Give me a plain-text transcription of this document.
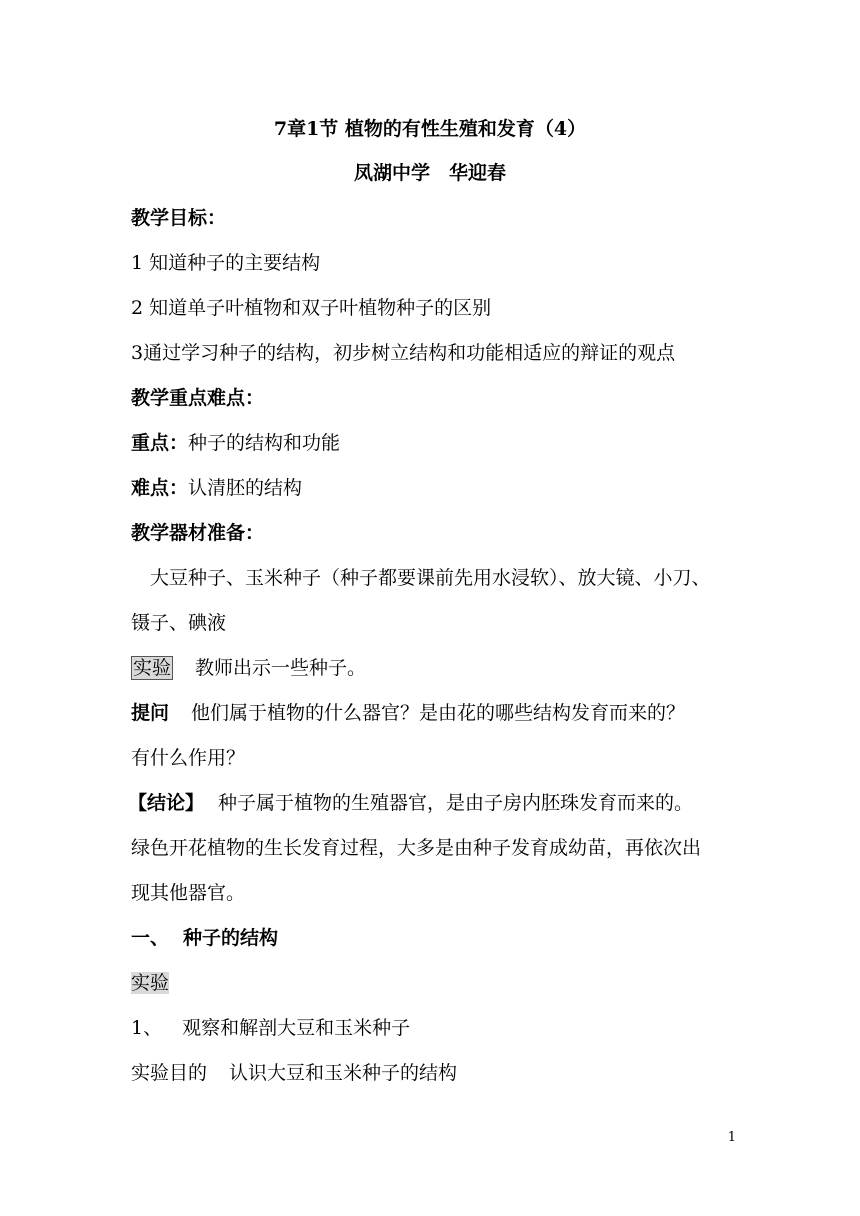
7章1节 植物的有性生殖和发育（4）
凤湖中学　华迎春
教学目标：
1 知道种子的主要结构
2 知道单子叶植物和双子叶植物种子的区别
3通过学习种子的结构，初步树立结构和功能相适应的辩证的观点
教学重点难点：
重点：种子的结构和功能
难点：认清胚的结构
教学器材准备：
大豆种子、玉米种子（种子都要课前先用水浸软）、放大镜、小刀、
镊子、碘液
实验 教师出示一些种子。
提问 他们属于植物的什么器官？是由花的哪些结构发育而来的？
有什么作用？
【结论】 种子属于植物的生殖器官，是由子房内胚珠发育而来的。
绿色开花植物的生长发育过程，大多是由种子发育成幼苗，再依次出
现其他器官。
一、 种子的结构
实验
1、 观察和解剖大豆和玉米种子
实验目的 认识大豆和玉米种子的结构
1
